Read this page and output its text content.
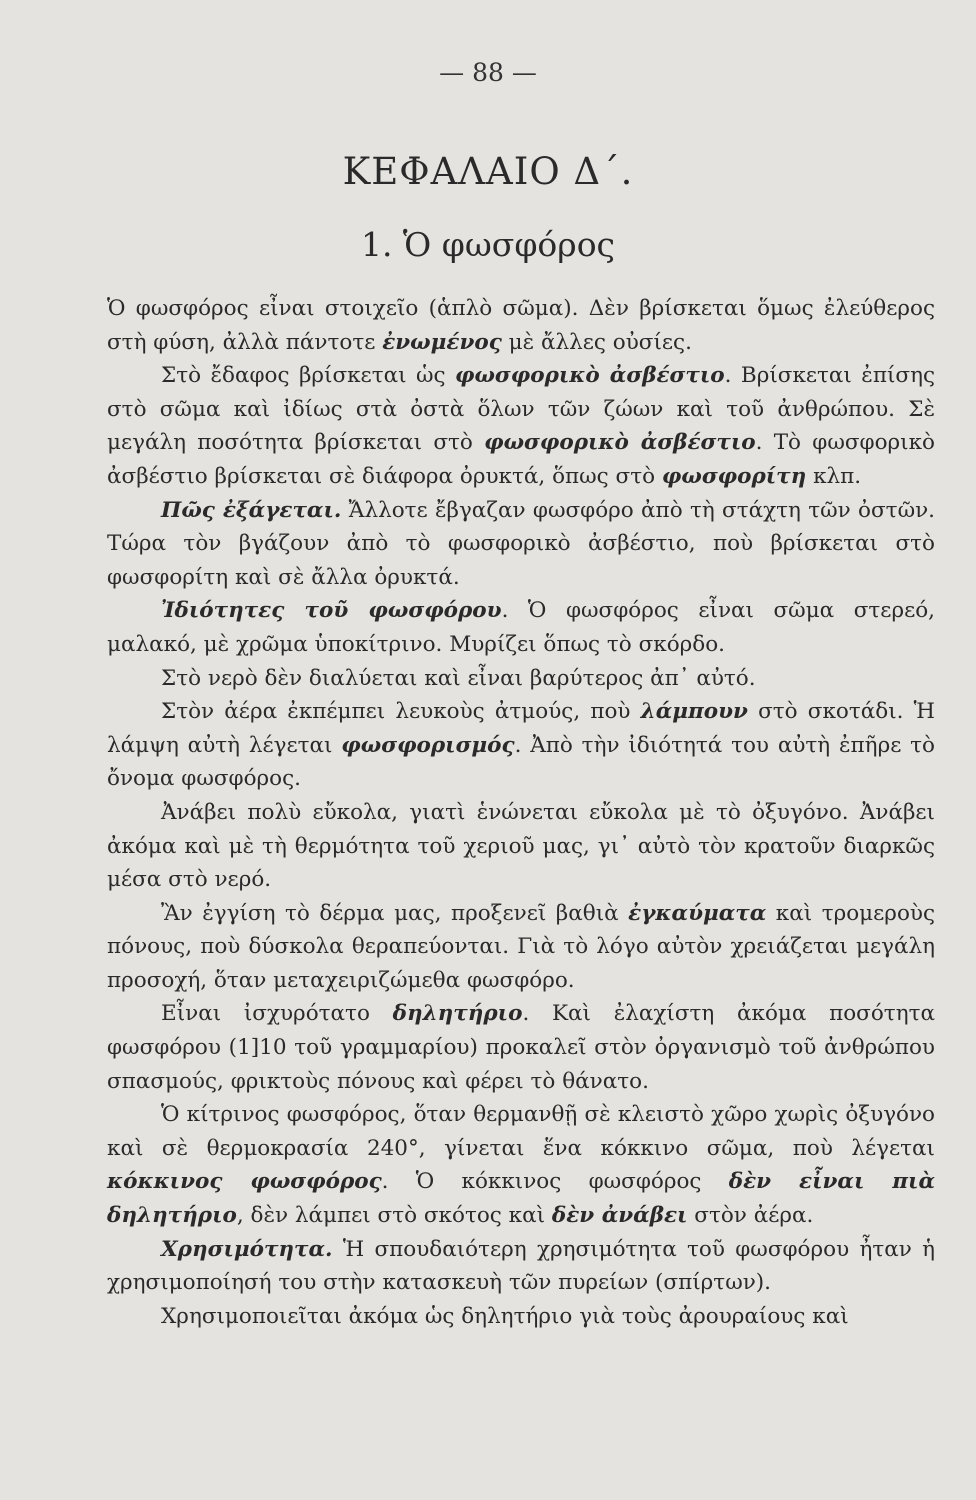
— 88 —
ΚΕΦΑΛΑΙΟ Δ΄.
1. Ὁ φωσφόρος

Ὁ φωσφόρος εἶναι στοιχεῖο (ἁπλὸ σῶμα). Δὲν βρίσκεται ὅμως ἐλεύθερος στὴ φύση, ἀλλὰ πάντοτε ἐνωμένος μὲ ἄλλες οὐσίες.

Στὸ ἔδαφος βρίσκεται ὡς φωσφορικὸ ἀσβέστιο. Βρίσκεται ἐπίσης στὸ σῶμα καὶ ἰδίως στὰ ὀστὰ ὅλων τῶν ζώων καὶ τοῦ ἀνθρώπου. Σὲ μεγάλη ποσότητα βρίσκεται στὸ φωσφορικὸ ἀσβέστιο. Τὸ φωσφορικὸ ἀσβέστιο βρίσκεται σὲ διάφορα ὀρυκτά, ὅπως στὸ φωσφορίτη κλπ.

Πῶς ἐξάγεται. Ἄλλοτε ἔβγαζαν φωσφόρο ἀπὸ τὴ στάχτη τῶν ὀστῶν. Τώρα τὸν βγάζουν ἀπὸ τὸ φωσφορικὸ ἀσβέστιο, ποὺ βρίσκεται στὸ φωσφορίτη καὶ σὲ ἄλλα ὀρυκτά.

Ἰδιότητες τοῦ φωσφόρου. Ὁ φωσφόρος εἶναι σῶμα στερεό, μαλακό, μὲ χρῶμα ὑποκίτρινο. Μυρίζει ὅπως τὸ σκόρδο.

Στὸ νερὸ δὲν διαλύεται καὶ εἶναι βαρύτερος ἀπ᾿ αὐτό.

Στὸν ἀέρα ἐκπέμπει λευκοὺς ἀτμούς, ποὺ λάμπουν στὸ σκοτάδι. Ἡ λάμψη αὐτὴ λέγεται φωσφορισμός. Ἀπὸ τὴν ἰδιότητά του αὐτὴ ἐπῆρε τὸ ὄνομα φωσφόρος.

Ἀνάβει πολὺ εὔκολα, γιατὶ ἑνώνεται εὔκολα μὲ τὸ ὀξυγόνο. Ἀνάβει ἀκόμα καὶ μὲ τὴ θερμότητα τοῦ χεριοῦ μας, γι᾿ αὐτὸ τὸν κρατοῦν διαρκῶς μέσα στὸ νερό.

Ἂν ἐγγίση τὸ δέρμα μας, προξενεῖ βαθιὰ ἐγκαύματα καὶ τρομεροὺς πόνους, ποὺ δύσκολα θεραπεύονται. Γιὰ τὸ λόγο αὐτὸν χρειάζεται μεγάλη προσοχή, ὅταν μεταχειριζώμεθα φωσφόρο.

Εἶναι ἰσχυρότατο δηλητήριο. Καὶ ἐλαχίστη ἀκόμα ποσότητα φωσφόρου (1]10 τοῦ γραμμαρίου) προκαλεῖ στὸν ὀργανισμὸ τοῦ ἀνθρώπου σπασμούς, φρικτοὺς πόνους καὶ φέρει τὸ θάνατο.

Ὁ κίτρινος φωσφόρος, ὅταν θερμανθῇ σὲ κλειστὸ χῶρο χωρὶς ὀξυγόνο καὶ σὲ θερμοκρασία 240°, γίνεται ἕνα κόκκινο σῶμα, ποὺ λέγεται κόκκινος φωσφόρος. Ὁ κόκκινος φωσφόρος δὲν εἶναι πιὰ δηλητήριο, δὲν λάμπει στὸ σκότος καὶ δὲν ἀνάβει στὸν ἀέρα.

Χρησιμότητα. Ἡ σπουδαιότερη χρησιμότητα τοῦ φωσφόρου ἦταν ἡ χρησιμοποίησή του στὴν κατασκευὴ τῶν πυρείων (σπίρτων).

Χρησιμοποιεῖται ἀκόμα ὡς δηλητήριο γιὰ τοὺς ἀρουραίους καὶ
